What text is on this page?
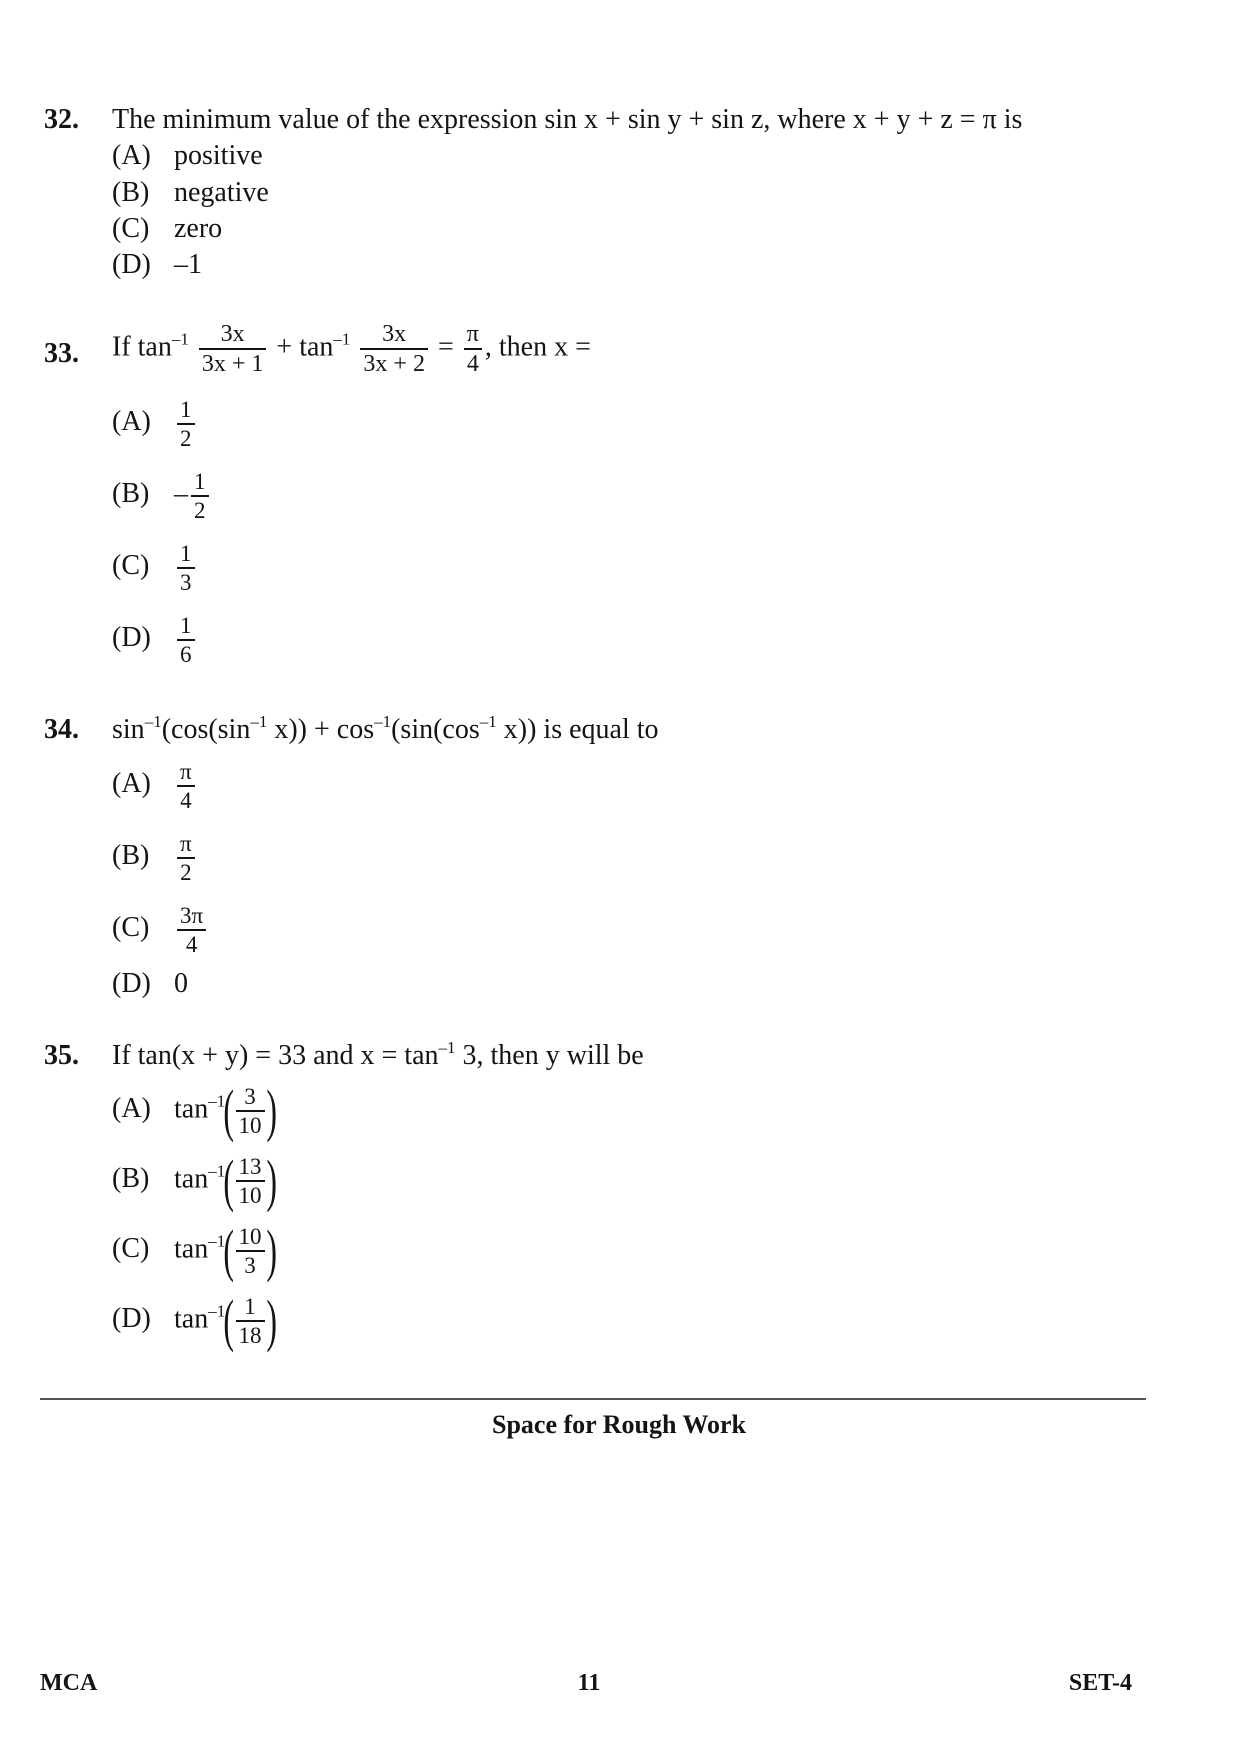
32. The minimum value of the expression sin x + sin y + sin z, where x + y + z = π is
(A) positive
(B) negative
(C) zero
(D) –1
33. If $\tan^{-1} \frac{3x}{3x + 1} + \tan^{-1} \frac{3x}{3x + 2} = \frac{\pi}{4}$ , then x =
$(A) \frac{1}{2}$
$(B) - \frac{1}{2}$
$(C) \frac{1}{3}$
$(D) \frac{1}{6}$
34. $\sin^{-1}(\cos(\sin^{-1}$ $x)) + \cos^{-1}(\sin(\cos^{-1}$ x)) is equal to
$(A) \frac{\pi}{4}$
$(B) \frac{\pi}{2}$
$(C) \frac{3\pi}{4}$
(D) 0
35. If tan(x + y) = 33 and $x = \tan^{-1} 3$, then y will be
(A) $\tan^{-1}( \frac{3}{10}$ )
(B) $\tan^{-1}( \frac{13}{10}$ )
(C) $\tan^{-1}( \frac{10}{3}$ )
(D) $\tan^{-1}( \frac{1}{18}$ )
Space for Rough Work
MCA	11	SET-4
